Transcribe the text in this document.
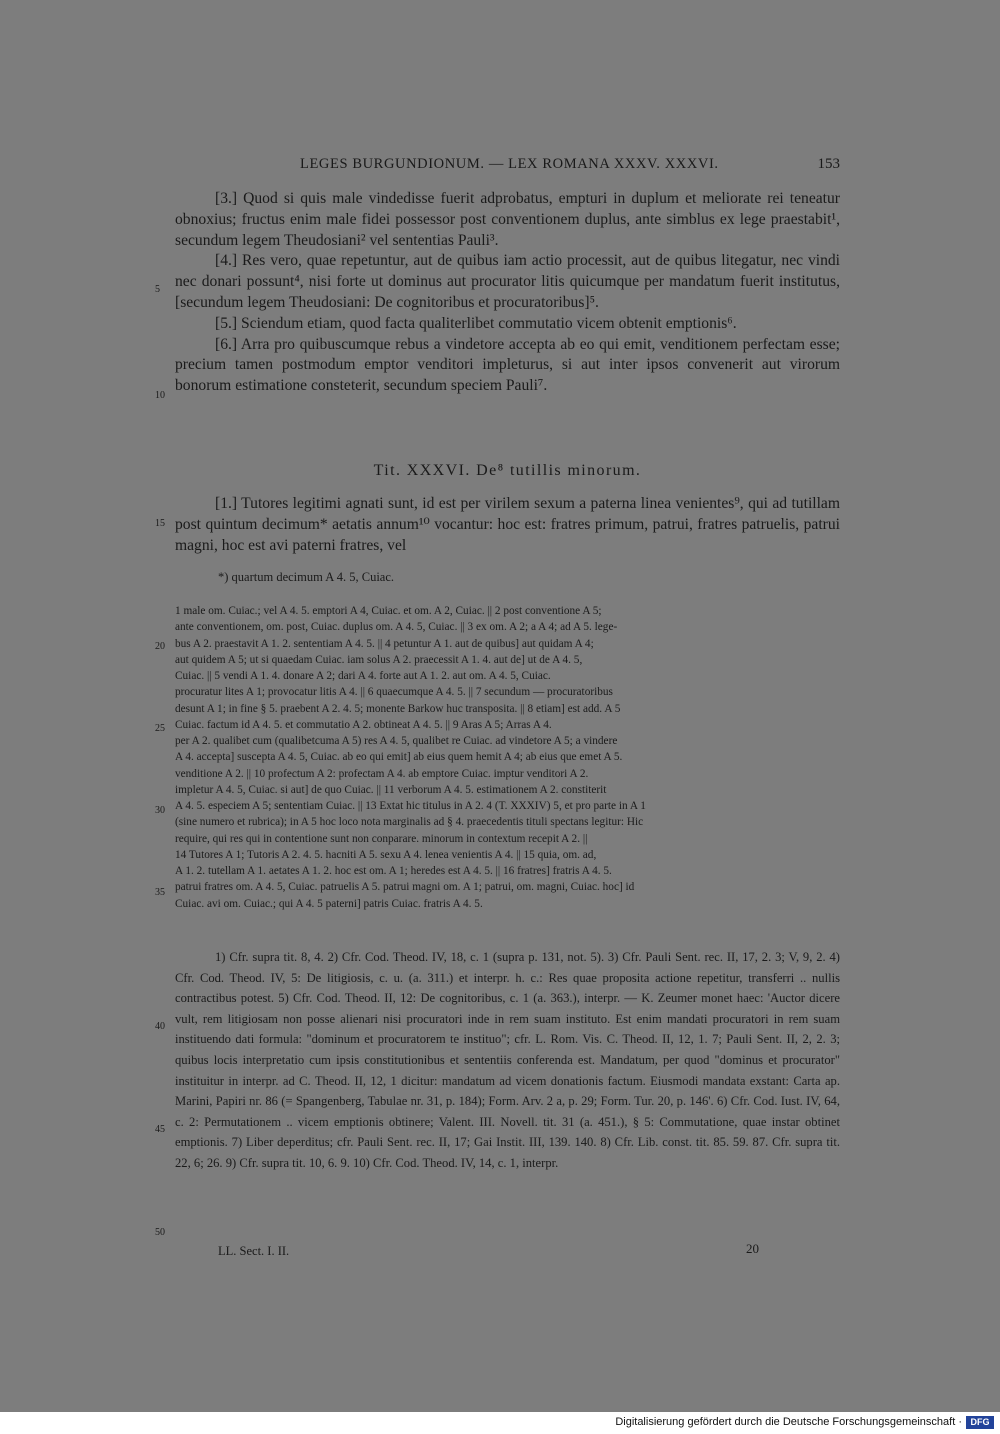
LEGES BURGUNDIONUM. — LEX ROMANA XXXV. XXXVI.	153

[3.] Quod si quis male vindedisse fuerit adprobatus, empturi in duplum et meliorate rei teneatur obnoxius; fructus enim male fidei possessor post conventionem duplus, ante simblus ex lege praestabit¹, secundum legem Theudosiani² vel sententias Pauli³.

[4.] Res vero, quae repetuntur, aut de quibus iam actio processit, aut de quibus litegatur, nec vindi nec donari possunt⁴, nisi forte ut dominus aut procurator litis quicumque per mandatum fuerit institutus, [secundum legem Theudosiani: De cognitoribus et procuratoribus]⁵.

[5.] Sciendum etiam, quod facta qualiterlibet commutatio vicem obtenit emptionis⁶.

[6.] Arra pro quibuscumque rebus a vindetore accepta ab eo qui emit, venditionem perfectam esse; precium tamen postmodum emptor venditori impleturus, si aut inter ipsos convenerit aut virorum bonorum estimatione consteterit, secundum speciem Pauli⁷.

Tit. XXXVI. De⁸ tutillis minorum.

[1.] Tutores legitimi agnati sunt, id est per virilem sexum a paterna linea venientes⁹, qui ad tutillam post quintum decimum* aetatis annum¹⁰ vocantur: hoc est: fratres primum, patrui, fratres patruelis, patrui magni, hoc est avi paterni fratres, vel

*) quartum decimum A 4. 5, Cuiac.

1 male om. Cuiac.; vel A 4. 5. emptori A 4, Cuiac. et om. A 2, Cuiac. || 2 post conventione A 5;

ante conventionem, om. post, Cuiac. duplus om. A 4. 5, Cuiac. || 3 ex om. A 2; a A 4; ad A 5. lege-

bus A 2. praestavit A 1. 2. sententiam A 4. 5. || 4 petuntur A 1. aut de quibus] aut quidam A 4;

aut quidem A 5; ut si quaedam Cuiac. iam solus A 2. praecessit A 1. 4. aut de] ut de A 4. 5,

Cuiac. || 5 vendi A 1. 4. donare A 2; dari A 4. forte aut A 1. 2. aut om. A 4. 5, Cuiac.

procuratur lites A 1; provocatur litis A 4. || 6 quaecumque A 4. 5. || 7 secundum — procuratoribus

desunt A 1; in fine § 5. praebent A 2. 4. 5; monente Barkow huc transposita. || 8 etiam] est add. A 5

Cuiac. factum id A 4. 5. et commutatio A 2. obtineat A 4. 5. || 9 Aras A 5; Arras A 4.

per A 2. qualibet cum (qualibetcuma A 5) res A 4. 5, qualibet re Cuiac. ad vindetore A 5; a vindere

A 4. accepta] suscepta A 4. 5, Cuiac. ab eo qui emit] ab eius quem hemit A 4; ab eius que emet A 5.

venditione A 2. || 10 profectum A 2: profectam A 4. ab emptore Cuiac. imptur venditori A 2.

impletur A 4. 5, Cuiac. si aut] de quo Cuiac. || 11 verborum A 4. 5. estimationem A 2. constiterit

A 4. 5. especiem A 5; sententiam Cuiac. || 13 Extat hic titulus in A 2. 4 (T. XXXIV) 5, et pro parte in A 1

(sine numero et rubrica); in A 5 hoc loco nota marginalis ad § 4. praecedentis tituli spectans legitur: Hic

require, qui res qui in contentione sunt non conparare. minorum in contextum recepit A 2. ||

14 Tutores A 1; Tutoris A 2. 4. 5. hacniti A 5. sexu A 4. lenea venientis A 4. || 15 quia, om. ad,

A 1. 2. tutellam A 1. aetates A 1. 2. hoc est om. A 1; heredes est A 4. 5. || 16 fratres] fratris A 4. 5.

patrui fratres om. A 4. 5, Cuiac. patruelis A 5. patrui magni om. A 1; patrui, om. magni, Cuiac. hoc] id

Cuiac. avi om. Cuiac.; qui A 4. 5 paterni] patris Cuiac. fratris A 4. 5.

1) Cfr. supra tit. 8, 4. 2) Cfr. Cod. Theod. IV, 18, c. 1 (supra p. 131, not. 5). 3) Cfr. Pauli Sent. rec. II, 17, 2. 3; V, 9, 2. 4) Cfr. Cod. Theod. IV, 5: De litigiosis, c. u. (a. 311.) et interpr. h. c.: Res quae proposita actione repetitur, transferri .. nullis contractibus potest. 5) Cfr. Cod. Theod. II, 12: De cognitoribus, c. 1 (a. 363.), interpr. — K. Zeumer monet haec: 'Auctor dicere vult, rem litigiosam non posse alienari nisi procuratori inde in rem suam instituto. Est enim mandati procuratori in rem suam instituendo dati formula: "dominum et procuratorem te instituo"; cfr. L. Rom. Vis. C. Theod. II, 12, 1. 7; Pauli Sent. II, 2, 2. 3; quibus locis interpretatio cum ipsis constitutionibus et sententiis conferenda est. Mandatum, per quod "dominus et procurator" instituitur in interpr. ad C. Theod. II, 12, 1 dicitur: mandatum ad vicem donationis factum. Eiusmodi mandata exstant: Carta ap. Marini, Papiri nr. 86 (= Spangenberg, Tabulae nr. 31, p. 184); Form. Arv. 2 a, p. 29; Form. Tur. 20, p. 146'. 6) Cfr. Cod. Iust. IV, 64, c. 2: Permutationem .. vicem emptionis obtinere; Valent. III. Novell. tit. 31 (a. 451.), § 5: Commutatione, quae instar obtinet emptionis. 7) Liber deperditus; cfr. Pauli Sent. rec. II, 17; Gai Instit. III, 139. 140. 8) Cfr. Lib. const. tit. 85. 59. 87. Cfr. supra tit. 22, 6; 26. 9) Cfr. supra tit. 10, 6. 9. 10) Cfr. Cod. Theod. IV, 14, c. 1, interpr.

5
10
15
20
25
30
35
40
45
50
LL. Sect. I. II.	20
Digitalisierung gefördert durch die Deutsche Forschungsgemeinschaft · DFG
